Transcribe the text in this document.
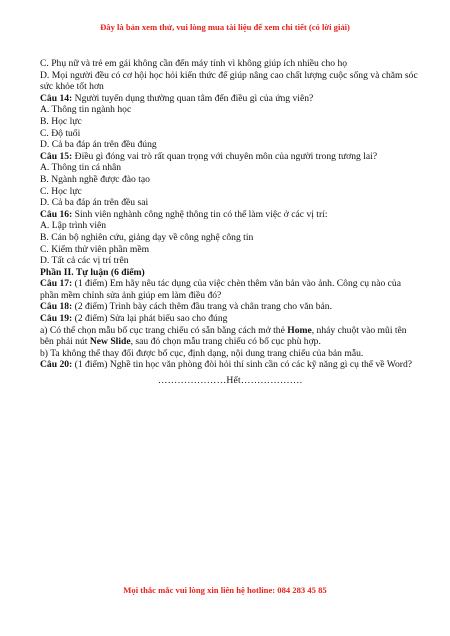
Đây là bản xem thử, vui lòng mua tài liệu để xem chi tiết (có lời giải)

C. Phụ nữ và trẻ em gái không cần đến máy tính vì không giúp ích nhiều cho họ

D. Mọi người đều có cơ hội học hỏi kiến thức để giúp nâng cao chất lượng cuộc sống và chăm sóc sức khỏe tốt hơn

Câu 14: Người tuyển dụng thường quan tâm đến điều gì của ứng viên?

A. Thông tin ngành học

B. Học lực

C. Độ tuổi

D. Cả ba đáp án trên đều đúng

Câu 15: Điều gì đóng vai trò rất quan trọng với chuyên môn của người trong tương lai?

A. Thông tin cá nhân

B. Ngành nghề được đào tạo

C. Học lực

D. Cả ba đáp án trên đều sai

Câu 16: Sinh viên nghành công nghệ thông tin có thể làm việc ở các vị trí:

A. Lập trình viên

B. Cán bộ nghiên cứu, giảng dạy về công nghệ công tin

C. Kiểm thử viên phần mềm

D. Tất cả các vị trí trên

Phần II. Tự luận (6 điểm)

Câu 17: (1 điểm) Em hãy nêu tác dụng của việc chèn thêm văn bản vào ảnh. Công cụ nào của phần mềm chỉnh sửa ảnh giúp em làm điều đó?

Câu 18: (2 điểm) Trình bày cách thêm đầu trang và chân trang cho văn bản.

Câu 19: (2 điểm) Sửa lại phát biểu sao cho đúng

a) Có thể chọn mẫu bố cục trang chiếu có sẵn bằng cách mở thẻ Home, nháy chuột vào mũi tên bên phải nút New Slide, sau đó chọn mẫu trang chiếu có bố cục phù hợp.

b) Ta không thể thay đổi được bố cục, định dạng, nội dung trang chiếu của bản mẫu.

Câu 20: (1 điểm) Nghề tin học văn phòng đòi hỏi thí sinh cần có các kỹ năng gì cụ thể về Word?

…………………Hết……………….

Mọi thắc mắc vui lòng xin liên hệ hotline: 084 283 45 85
